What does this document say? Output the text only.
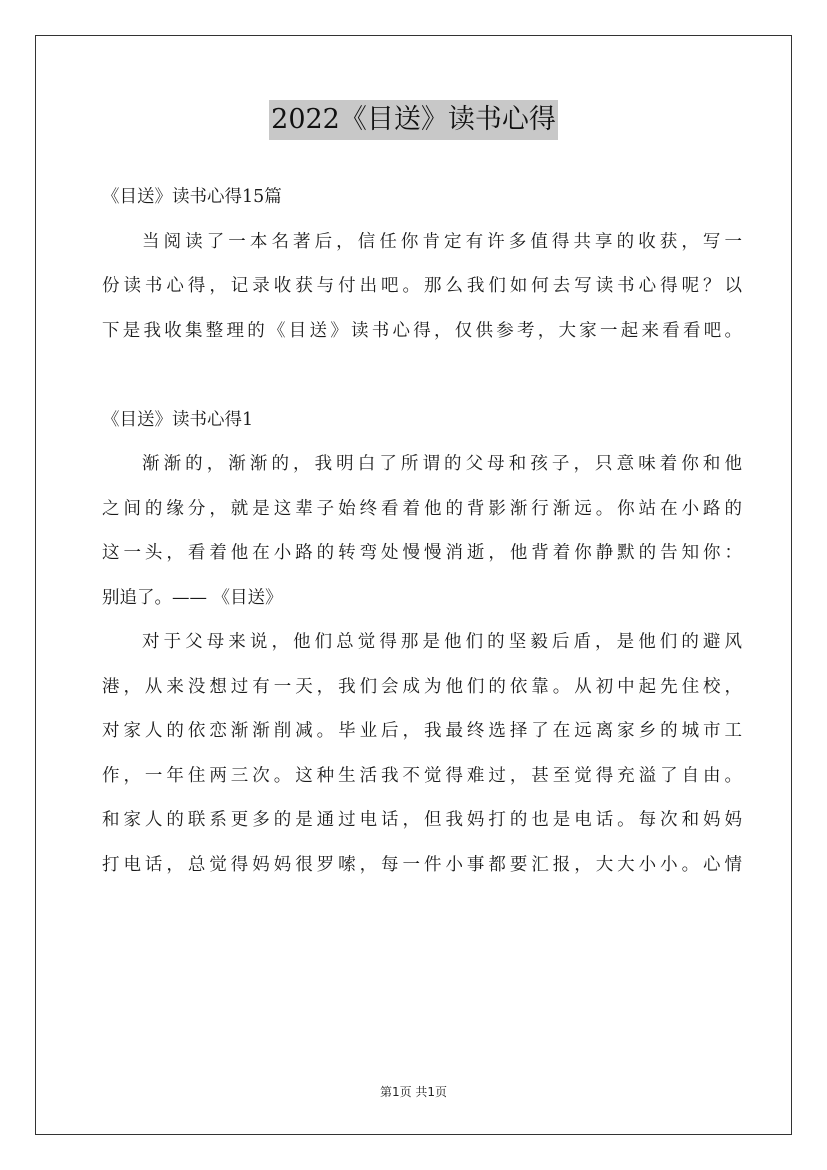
2022《目送》读书心得
《目送》读书心得15篇
当阅读了一本名著后，信任你肯定有许多值得共享的收获，写一
份读书心得，记录收获与付出吧。那么我们如何去写读书心得呢？以
下是我收集整理的《目送》读书心得，仅供参考，大家一起来看看吧。
《目送》读书心得1
渐渐的，渐渐的，我明白了所谓的父母和孩子，只意味着你和他
之间的缘分，就是这辈子始终看着他的背影渐行渐远。你站在小路的
这一头，看着他在小路的转弯处慢慢消逝，他背着你静默的告知你：
别追了。—— 《目送》
对于父母来说，他们总觉得那是他们的坚毅后盾，是他们的避风
港，从来没想过有一天，我们会成为他们的依靠。从初中起先住校，
对家人的依恋渐渐削减。毕业后，我最终选择了在远离家乡的城市工
作，一年住两三次。这种生活我不觉得难过，甚至觉得充溢了自由。
和家人的联系更多的是通过电话，但我妈打的也是电话。每次和妈妈
打电话，总觉得妈妈很罗嗦，每一件小事都要汇报，大大小小。心情
第1页 共1页
